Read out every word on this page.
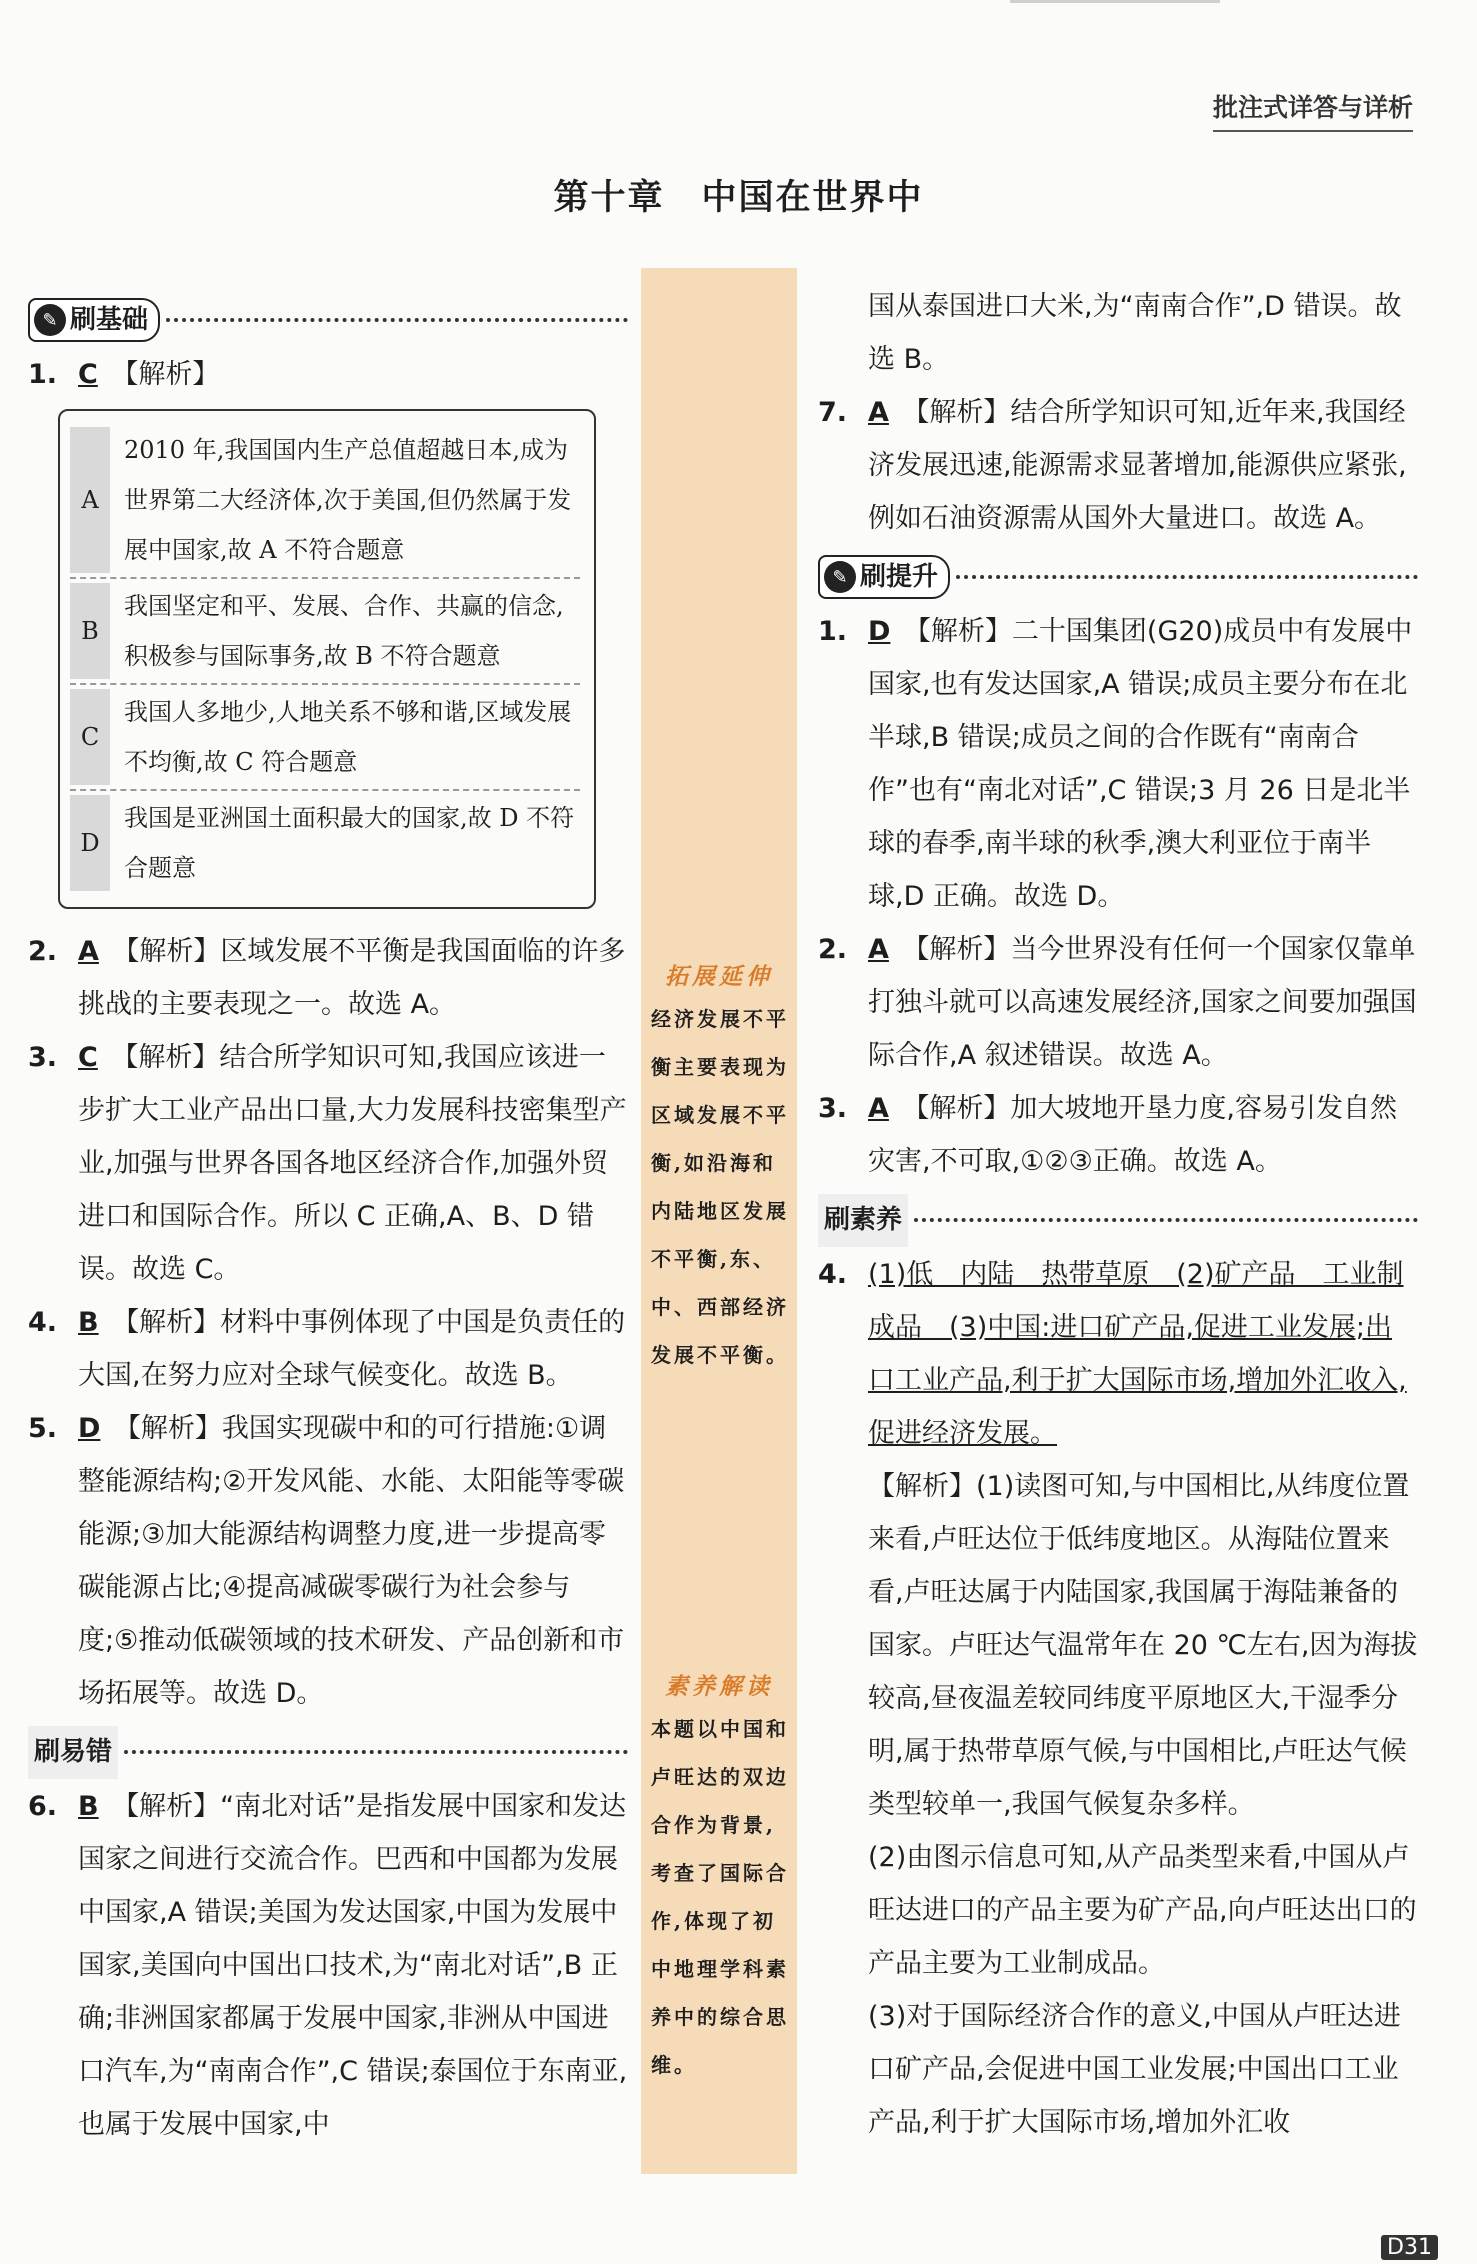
批注式详答与详析
第十章　中国在世界中
✎ 刷基础
1. C　 【解析】
A
2010 年,我国国内生产总值超越日本,成为世界第二大经济体,次于美国,但仍然属于发展中国家,故 A 不符合题意
B
我国坚定和平、发展、合作、共赢的信念,积极参与国际事务,故 B 不符合题意
C
我国人多地少,人地关系不够和谐,区域发展不均衡,故 C 符合题意
D
我国是亚洲国土面积最大的国家,故 D 不符合题意
2. A　 【解析】区域发展不平衡是我国面临的许多挑战的主要表现之一。故选 A。

3. C　 【解析】结合所学知识可知,我国应该进一步扩大工业产品出口量,大力发展科技密集型产业,加强与世界各国各地区经济合作,加强外贸进口和国际合作。所以 C 正确,A、B、D 错误。故选 C。

4. B　 【解析】材料中事例体现了中国是负责任的大国,在努力应对全球气候变化。故选 B。

5. D　 【解析】我国实现碳中和的可行措施:①调整能源结构;②开发风能、水能、太阳能等零碳能源;③加大能源结构调整力度,进一步提高零碳能源占比;④提高减碳零碳行为社会参与度;⑤推动低碳领域的技术研发、产品创新和市场拓展等。故选 D。

刷易错
6. B　 【解析】“南北对话”是指发展中国家和发达国家之间进行交流合作。巴西和中国都为发展中国家,A 错误;美国为发达国家,中国为发展中国家,美国向中国出口技术,为“南北对话”,B 正确;非洲国家都属于发展中国家,非洲从中国进口汽车,为“南南合作”,C 错误;泰国位于东南亚,也属于发展中国家,中

拓展延伸
经济发展不平衡主要表现为区域发展不平衡,如沿海和内陆地区发展不平衡,东、中、西部经济发展不平衡。
素养解读
本题以中国和卢旺达的双边合作为背景,考查了国际合作,体现了初中地理学科素养中的综合思维。

国从泰国进口大米,为“南南合作”,D 错误。故选 B。

7. A　 【解析】结合所学知识可知,近年来,我国经济发展迅速,能源需求显著增加,能源供应紧张,例如石油资源需从国外大量进口。故选 A。

✎ 刷提升
1. D　 【解析】二十国集团(G20)成员中有发展中国家,也有发达国家,A 错误;成员主要分布在北半球,B 错误;成员之间的合作既有“南南合作”也有“南北对话”,C 错误;3 月 26 日是北半球的春季,南半球的秋季,澳大利亚位于南半球,D 正确。故选 D。

2. A　 【解析】当今世界没有任何一个国家仅靠单打独斗就可以高速发展经济,国家之间要加强国际合作,A 叙述错误。故选 A。

3. A　 【解析】加大坡地开垦力度,容易引发自然灾害,不可取,①②③正确。故选 A。

刷素养
4. (1)低　内陆　热带草原　(2)矿产品　工业制成品　(3)中国:进口矿产品,促进工业发展;出口工业产品,利于扩大国际市场,增加外汇收入,促进经济发展。

【解析】(1)读图可知,与中国相比,从纬度位置来看,卢旺达位于低纬度地区。从海陆位置来看,卢旺达属于内陆国家,我国属于海陆兼备的国家。卢旺达气温常年在 20 ℃左右,因为海拔较高,昼夜温差较同纬度平原地区大,干湿季分明,属于热带草原气候,与中国相比,卢旺达气候类型较单一,我国气候复杂多样。

(2)由图示信息可知,从产品类型来看,中国从卢旺达进口的产品主要为矿产品,向卢旺达出口的产品主要为工业制成品。

(3)对于国际经济合作的意义,中国从卢旺达进口矿产品,会促进中国工业发展;中国出口工业产品,利于扩大国际市场,增加外汇收

D31
